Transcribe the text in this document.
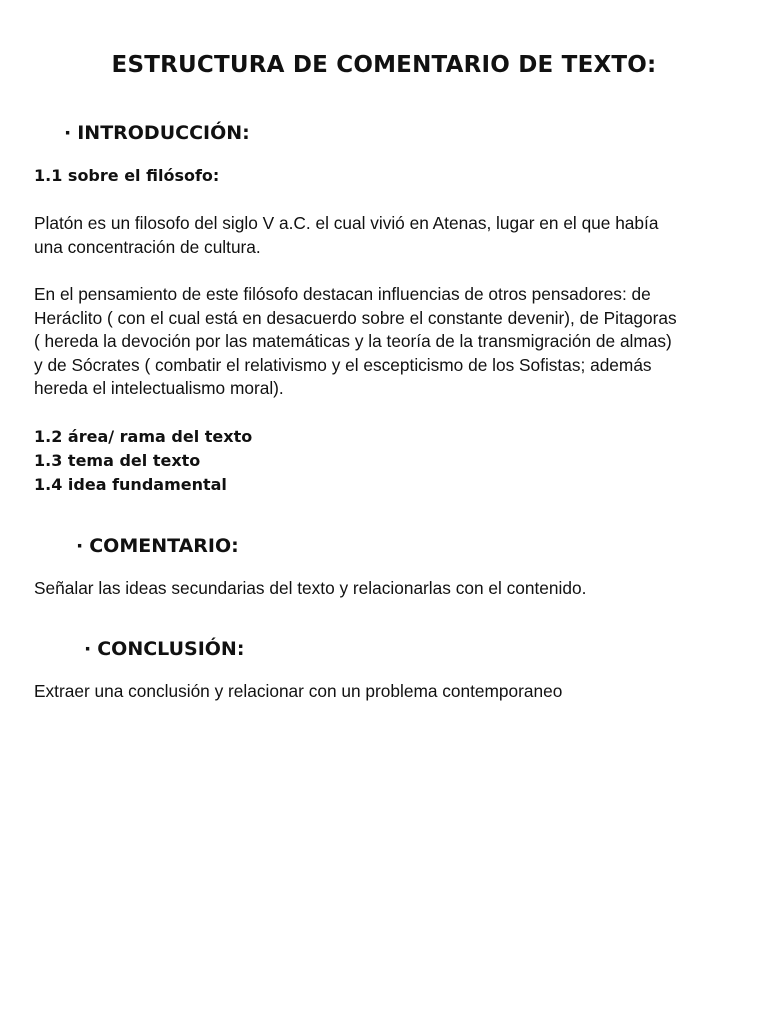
ESTRUCTURA DE COMENTARIO DE TEXTO:
· INTRODUCCIÓN:

1.1 sobre el filósofo:

Platón es un filosofo del siglo V a.C. el cual vivió en Atenas, lugar en el que había
una concentración de cultura.

En el pensamiento de este filósofo destacan influencias de otros pensadores: de
Heráclito ( con el cual está en desacuerdo sobre el constante devenir), de Pitagoras
( hereda la devoción por las matemáticas y la teoría de la transmigración de almas)
y de Sócrates ( combatir el relativismo y el escepticismo de los Sofistas; además
hereda el intelectualismo moral).

1.2 área/ rama del texto
1.3 tema del texto
1.4 idea fundamental
· COMENTARIO:

Señalar las ideas secundarias del texto y relacionarlas con el contenido.

· CONCLUSIÓN:

Extraer una conclusión y relacionar con un problema contemporaneo
